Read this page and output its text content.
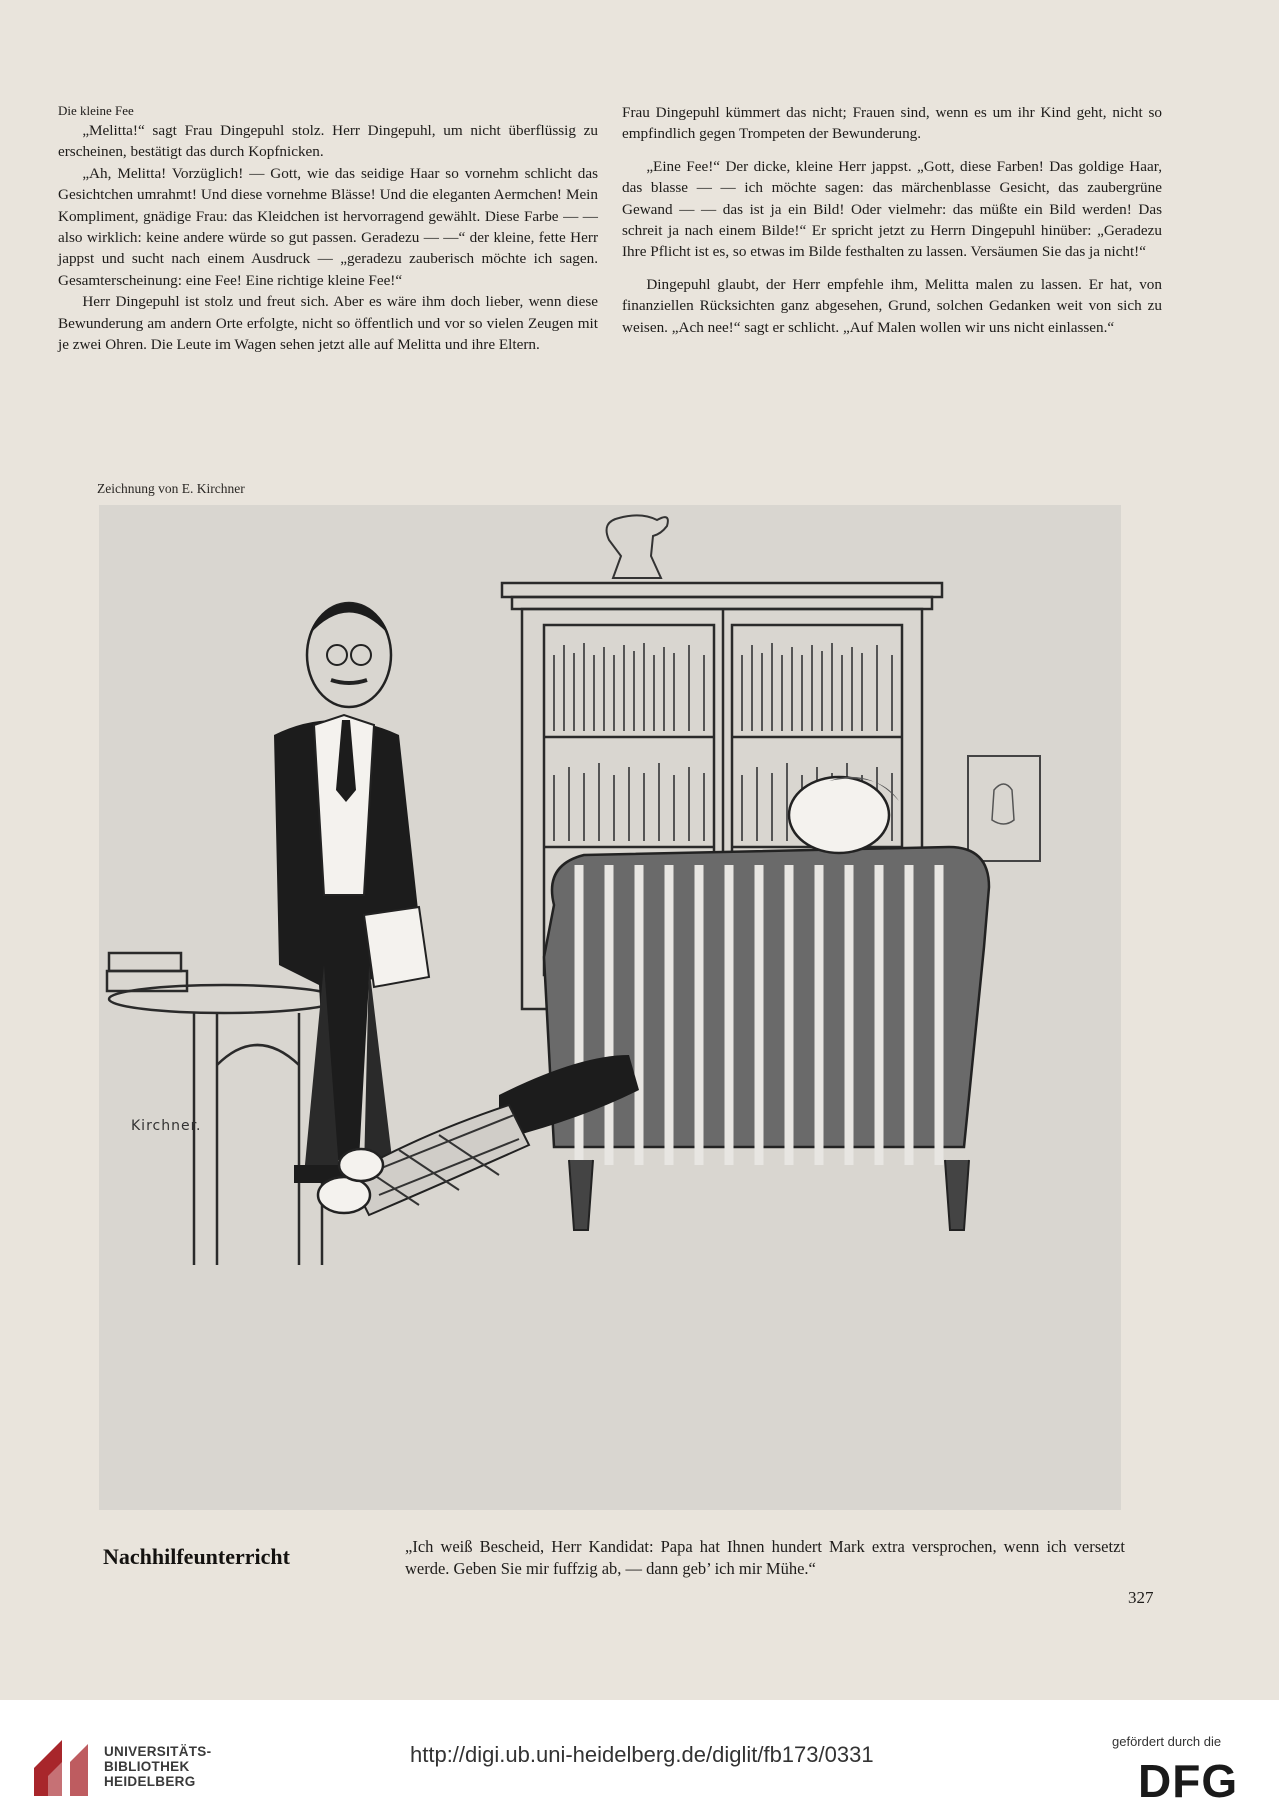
Die kleine Fee

„Melitta!“ sagt Frau Dingepuhl stolz. Herr Dingepuhl, um nicht überflüssig zu erscheinen, bestätigt das durch Kopfnicken.

„Ah, Melitta! Vorzüglich! — Gott, wie das seidige Haar so vornehm schlicht das Gesichtchen umrahmt! Und diese vornehme Blässe! Und die eleganten Aermchen! Mein Kompliment, gnädige Frau: das Kleidchen ist hervorragend gewählt. Diese Farbe — — also wirklich: keine andere würde so gut passen. Geradezu — —“ der kleine, fette Herr jappst und sucht nach einem Ausdruck — „geradezu zauberisch möchte ich sagen. Gesamterscheinung: eine Fee! Eine richtige kleine Fee!“

Herr Dingepuhl ist stolz und freut sich. Aber es wäre ihm doch lieber, wenn diese Bewunderung am andern Orte erfolgte, nicht so öffentlich und vor so vielen Zeugen mit je zwei Ohren. Die Leute im Wagen sehen jetzt alle auf Melitta und ihre Eltern.

Frau Dingepuhl kümmert das nicht; Frauen sind, wenn es um ihr Kind geht, nicht so empfindlich gegen Trompeten der Bewunderung.

„Eine Fee!“ Der dicke, kleine Herr jappst. „Gott, diese Farben! Das goldige Haar, das blasse — — ich möchte sagen: das märchenblasse Gesicht, das zaubergrüne Gewand — — das ist ja ein Bild! Oder vielmehr: das müßte ein Bild werden! Das schreit ja nach einem Bilde!“ Er spricht jetzt zu Herrn Dingepuhl hinüber: „Geradezu Ihre Pflicht ist es, so etwas im Bilde festhalten zu lassen. Versäumen Sie das ja nicht!“

Dingepuhl glaubt, der Herr empfehle ihm, Melitta malen zu lassen. Er hat, von finanziellen Rücksichten ganz abgesehen, Grund, solchen Gedanken weit von sich zu weisen. „Ach nee!“ sagt er schlicht. „Auf Malen wollen wir uns nicht einlassen.“

Zeichnung von E. Kirchner
Kirchner.
Nachhilfeunterricht	„Ich weiß Bescheid, Herr Kandidat: Papa hat Ihnen hundert Mark extra versprochen, wenn ich versetzt werde. Geben Sie mir fuffzig ab, — dann geb’ ich mir Mühe.“
327
UNIVERSITÄTS-
BIBLIOTHEK
HEIDELBERG
http://digi.ub.uni-heidelberg.de/diglit/fb173/0331
gefördert durch die
DFG
